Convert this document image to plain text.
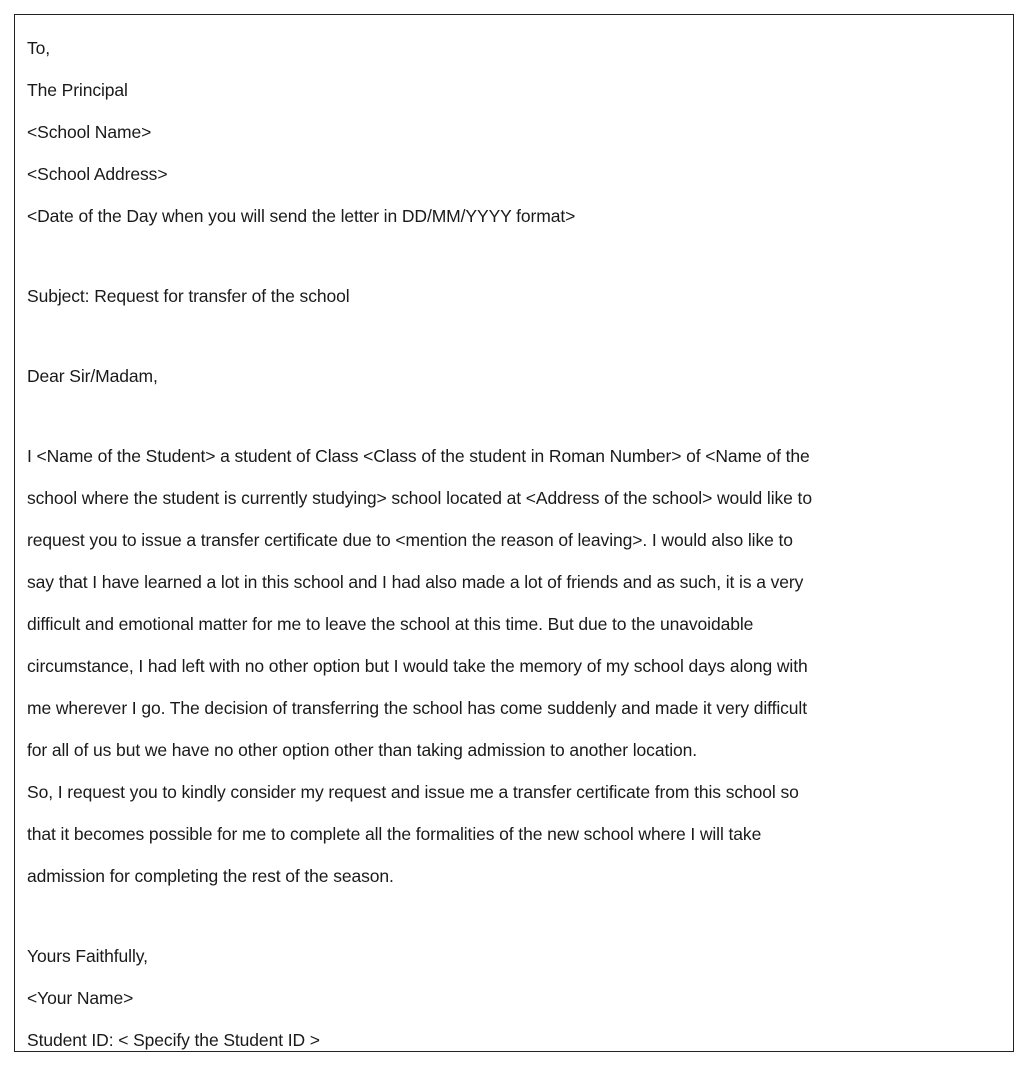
To,
The Principal
<School Name>
<School Address>
<Date of the Day when you will send the letter in DD/MM/YYYY format>
Subject: Request for transfer of the school
Dear Sir/Madam,
I <Name of the Student> a student of Class <Class of the student in Roman Number> of <Name of the
school where the student is currently studying> school located at <Address of the school> would like to
request you to issue a transfer certificate due to <mention the reason of leaving>. I would also like to
say that I have learned a lot in this school and I had also made a lot of friends and as such, it is a very
difficult and emotional matter for me to leave the school at this time. But due to the unavoidable
circumstance, I had left with no other option but I would take the memory of my school days along with
me wherever I go. The decision of transferring the school has come suddenly and made it very difficult
for all of us but we have no other option other than taking admission to another location.
So, I request you to kindly consider my request and issue me a transfer certificate from this school so
that it becomes possible for me to complete all the formalities of the new school where I will take
admission for completing the rest of the season.
Yours Faithfully,
<Your Name>
Student ID: < Specify the Student ID >
